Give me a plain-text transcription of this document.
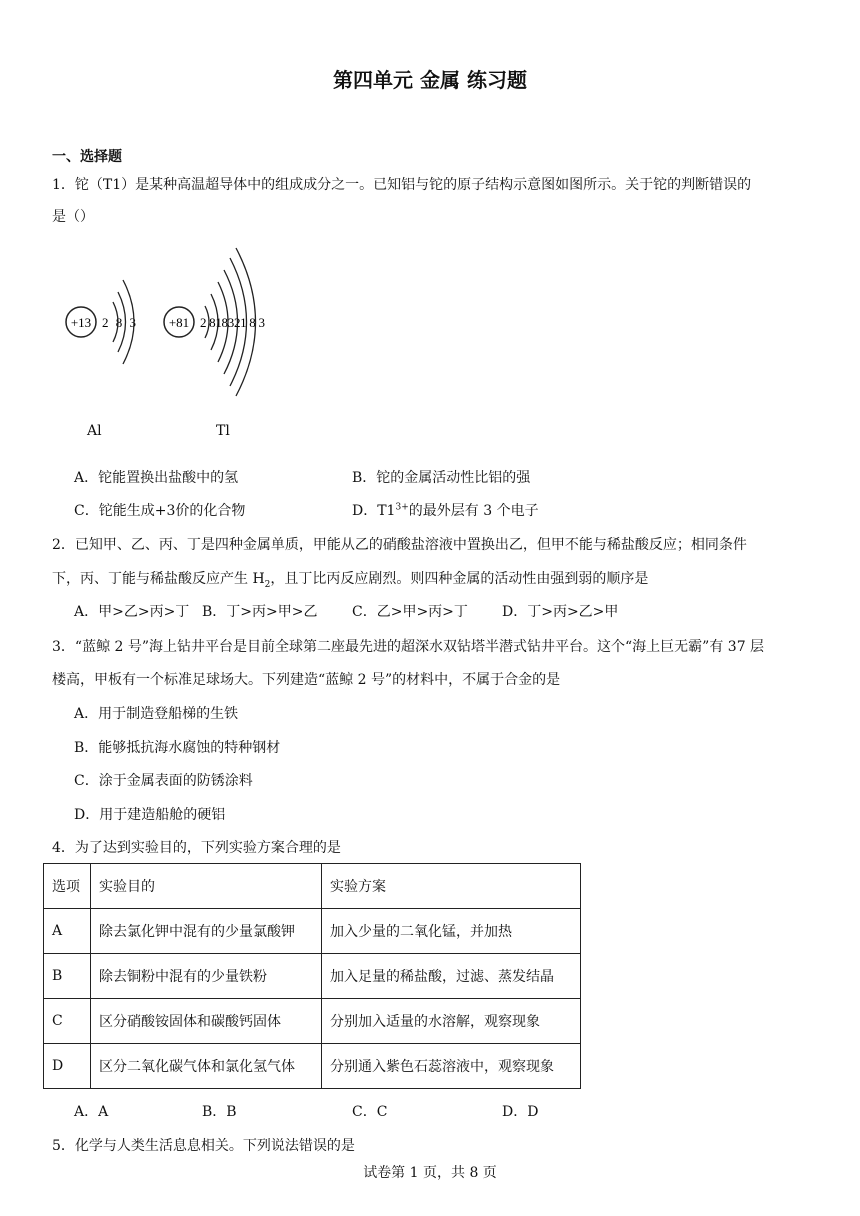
第四单元 金属 练习题
一、选择题
1．铊（T1）是某种高温超导体中的组成成分之一。已知铝与铊的原子结构示意图如图所示。关于铊的判断错误的
是（）
+13 2 8 3 +81 2 818321 8 3
Al	Tl
A．铊能置换出盐酸中的氢	B．铊的金属活动性比铝的强
C．铊能生成+3价的化合物	D．$T1^{3+}$的最外层有 3 个电子
2．已知甲、乙、丙、丁是四种金属单质，甲能从乙的硝酸盐溶液中置换出乙，但甲不能与稀盐酸反应；相同条件
下，丙、丁能与稀盐酸反应产生 $H_2$，且丁比丙反应剧烈。则四种金属的活动性由强到弱的顺序是
A．甲>乙>丙>丁 B．丁>丙>甲>乙 C．乙>甲>丙>丁 D．丁>丙>乙>甲
3．“蓝鲸 2 号”海上钻井平台是目前全球第二座最先进的超深水双钻塔半潜式钻井平台。这个“海上巨无霸”有 37 层
楼高，甲板有一个标准足球场大。下列建造“蓝鲸 2 号”的材料中，不属于合金的是
A．用于制造登船梯的生铁
B．能够抵抗海水腐蚀的特种钢材
C．涂于金属表面的防锈涂料
D．用于建造船舱的硬铝
4．为了达到实验目的，下列实验方案合理的是
选项	实验目的	实验方案
A	除去氯化钾中混有的少量氯酸钾	加入少量的二氧化锰，并加热
B	除去铜粉中混有的少量铁粉	加入足量的稀盐酸，过滤、蒸发结晶
C	区分硝酸铵固体和碳酸钙固体	分别加入适量的水溶解，观察现象
D	区分二氧化碳气体和氯化氢气体	分别通入紫色石蕊溶液中，观察现象
A．A	B．B	C．C	D．D
5．化学与人类生活息息相关。下列说法错误的是
试卷第 1 页，共 8 页
